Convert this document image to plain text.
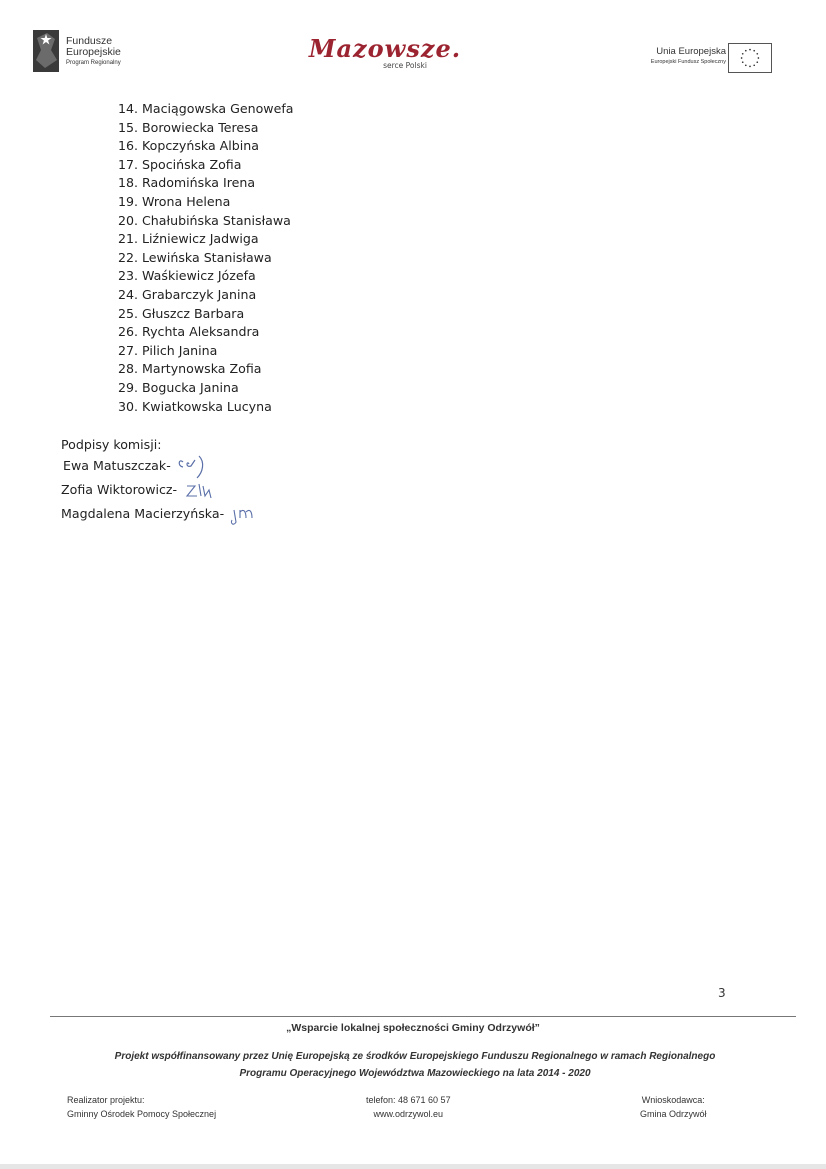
Fundusze
Europejskie
Program Regionalny
Mazowsze.
serce Polski
Unia Europejska
Europejski Fundusz Społeczny
14. Maciągowska Genowefa
15. Borowiecka Teresa
16. Kopczyńska Albina
17. Spocińska Zofia
18. Radomińska Irena
19. Wrona Helena
20. Chałubińska Stanisława
21. Liźniewicz Jadwiga
22. Lewińska Stanisława
23. Waśkiewicz Józefa
24. Grabarczyk Janina
25. Głuszcz Barbara
26. Rychta Aleksandra
27. Pilich Janina
28. Martynowska Zofia
29. Bogucka Janina
30. Kwiatkowska Lucyna
Podpisy komisji:
Ewa Matuszczak-
Zofia Wiktorowicz-
Magdalena Macierzyńska-
3
„Wsparcie lokalnej społeczności Gminy Odrzywół”
Projekt współfinansowany przez Unię Europejską ze środków Europejskiego Funduszu Regionalnego w ramach Regionalnego
Programu Operacyjnego Województwa Mazowieckiego na lata 2014 - 2020
Realizator projektu:
Gminny Ośrodek Pomocy Społecznej
telefon: 48 671 60 57
www.odrzywol.eu
Wnioskodawca:
Gmina Odrzywół
